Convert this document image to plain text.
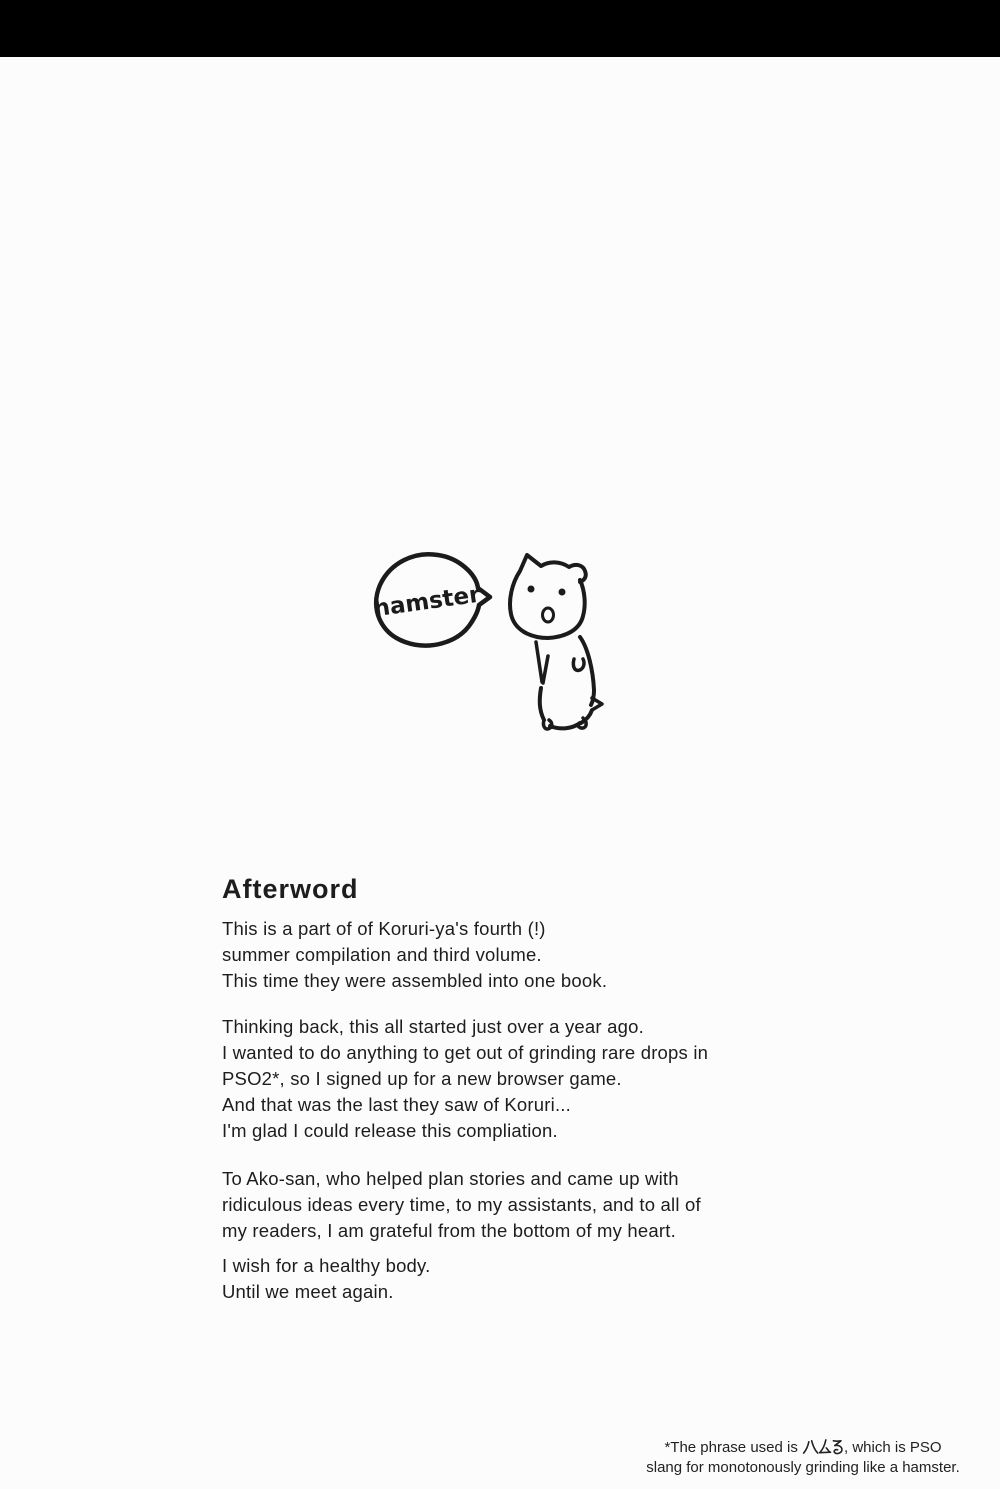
hamster
Afterword
This is a part of of Koruri-ya's fourth (!)
summer compilation and third volume.
This time they were assembled into one book.
Thinking back, this all started just over a year ago.
I wanted to do anything to get out of grinding rare drops in
PSO2*, so I signed up for a new browser game.
And that was the last they saw of Koruri...
I'm glad I could release this compliation.
To Ako-san, who helped plan stories and came up with
ridiculous ideas every time, to my assistants, and to all of
my readers, I am grateful from the bottom of my heart.
I wish for a healthy body.
Until we meet again.
*The phrase used is	, which is PSO
slang for monotonously grinding like a hamster.
